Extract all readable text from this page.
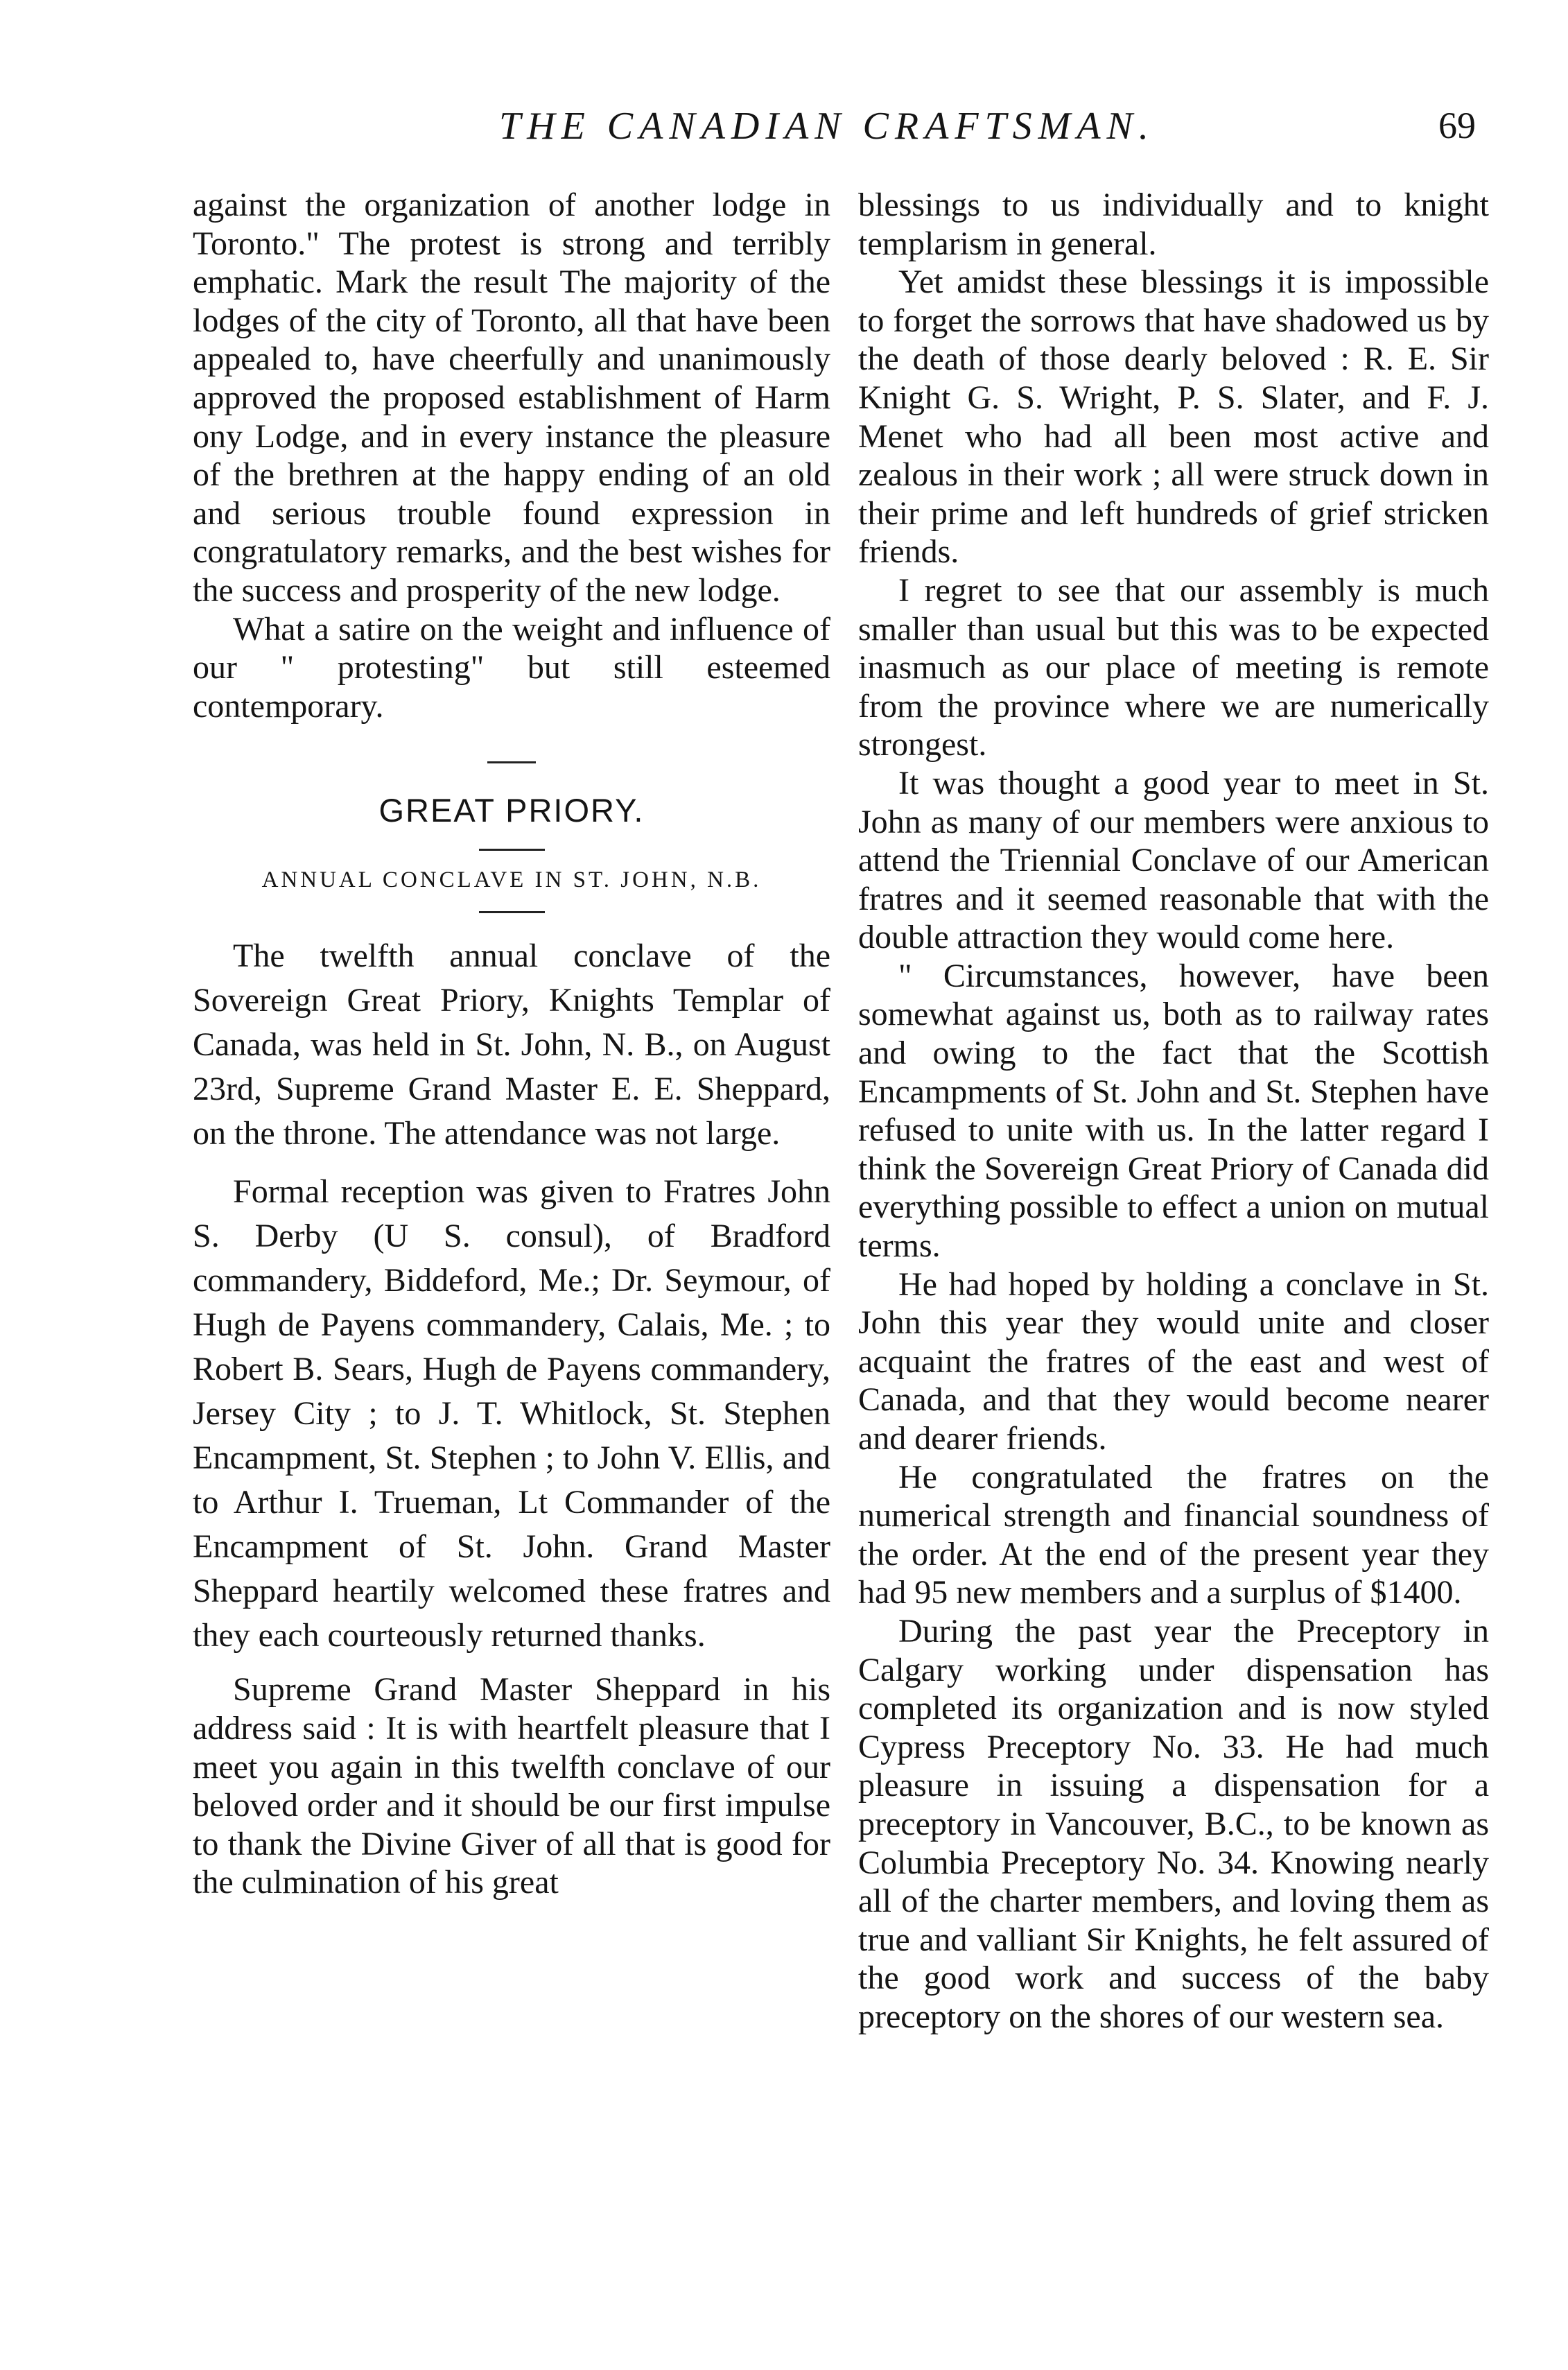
THE CANADIAN CRAFTSMAN.	69

against the organization of another lodge in Toronto." The protest is strong and terribly emphatic. Mark the result The majority of the lodges of the city of Toronto, all that have been appealed to, have cheerfully and unanimously approved the proposed establishment of Harm ony Lodge, and in every instance the pleasure of the brethren at the happy ending of an old and serious trouble found expression in congratulatory remarks, and the best wishes for the success and prosperity of the new lodge.

What a satire on the weight and influence of our " protesting" but still esteemed contemporary.

GREAT PRIORY.

ANNUAL CONCLAVE IN ST. JOHN, N.B.

The twelfth annual conclave of the Sovereign Great Priory, Knights Templar of Canada, was held in St. John, N. B., on August 23rd, Supreme Grand Master E. E. Sheppard, on the throne. The attendance was not large.

Formal reception was given to Fratres John S. Derby (U S. consul), of Bradford commandery, Biddeford, Me.; Dr. Seymour, of Hugh de Payens commandery, Calais, Me. ; to Robert B. Sears, Hugh de Payens commandery, Jersey City ; to J. T. Whitlock, St. Stephen Encampment, St. Stephen ; to John V. Ellis, and to Arthur I. Trueman, Lt Commander of the Encampment of St. John. Grand Master Sheppard heartily welcomed these fratres and they each courteously returned thanks.

Supreme Grand Master Sheppard in his address said : It is with heartfelt pleasure that I meet you again in this twelfth conclave of our beloved order and it should be our first impulse to thank the Divine Giver of all that is good for the culmination of his great

blessings to us individually and to knight templarism in general.

Yet amidst these blessings it is impossible to forget the sorrows that have shadowed us by the death of those dearly beloved : R. E. Sir Knight G. S. Wright, P. S. Slater, and F. J. Menet who had all been most active and zealous in their work ; all were struck down in their prime and left hundreds of grief stricken friends.

I regret to see that our assembly is much smaller than usual but this was to be expected inasmuch as our place of meeting is remote from the province where we are numerically strongest.

It was thought a good year to meet in St. John as many of our members were anxious to attend the Triennial Conclave of our American fratres and it seemed reasonable that with the double attraction they would come here.

" Circumstances, however, have been somewhat against us, both as to railway rates and owing to the fact that the Scottish Encampments of St. John and St. Stephen have refused to unite with us. In the latter regard I think the Sovereign Great Priory of Canada did everything possible to effect a union on mutual terms.

He had hoped by holding a conclave in St. John this year they would unite and closer acquaint the fratres of the east and west of Canada, and that they would become nearer and dearer friends.

He congratulated the fratres on the numerical strength and financial soundness of the order. At the end of the present year they had 95 new members and a surplus of $1400.

During the past year the Preceptory in Calgary working under dispensation has completed its organization and is now styled Cypress Preceptory No. 33. He had much pleasure in issuing a dispensation for a preceptory in Vancouver, B.C., to be known as Columbia Preceptory No. 34. Knowing nearly all of the charter members, and loving them as true and valliant Sir Knights, he felt assured of the good work and success of the baby preceptory on the shores of our western sea.
